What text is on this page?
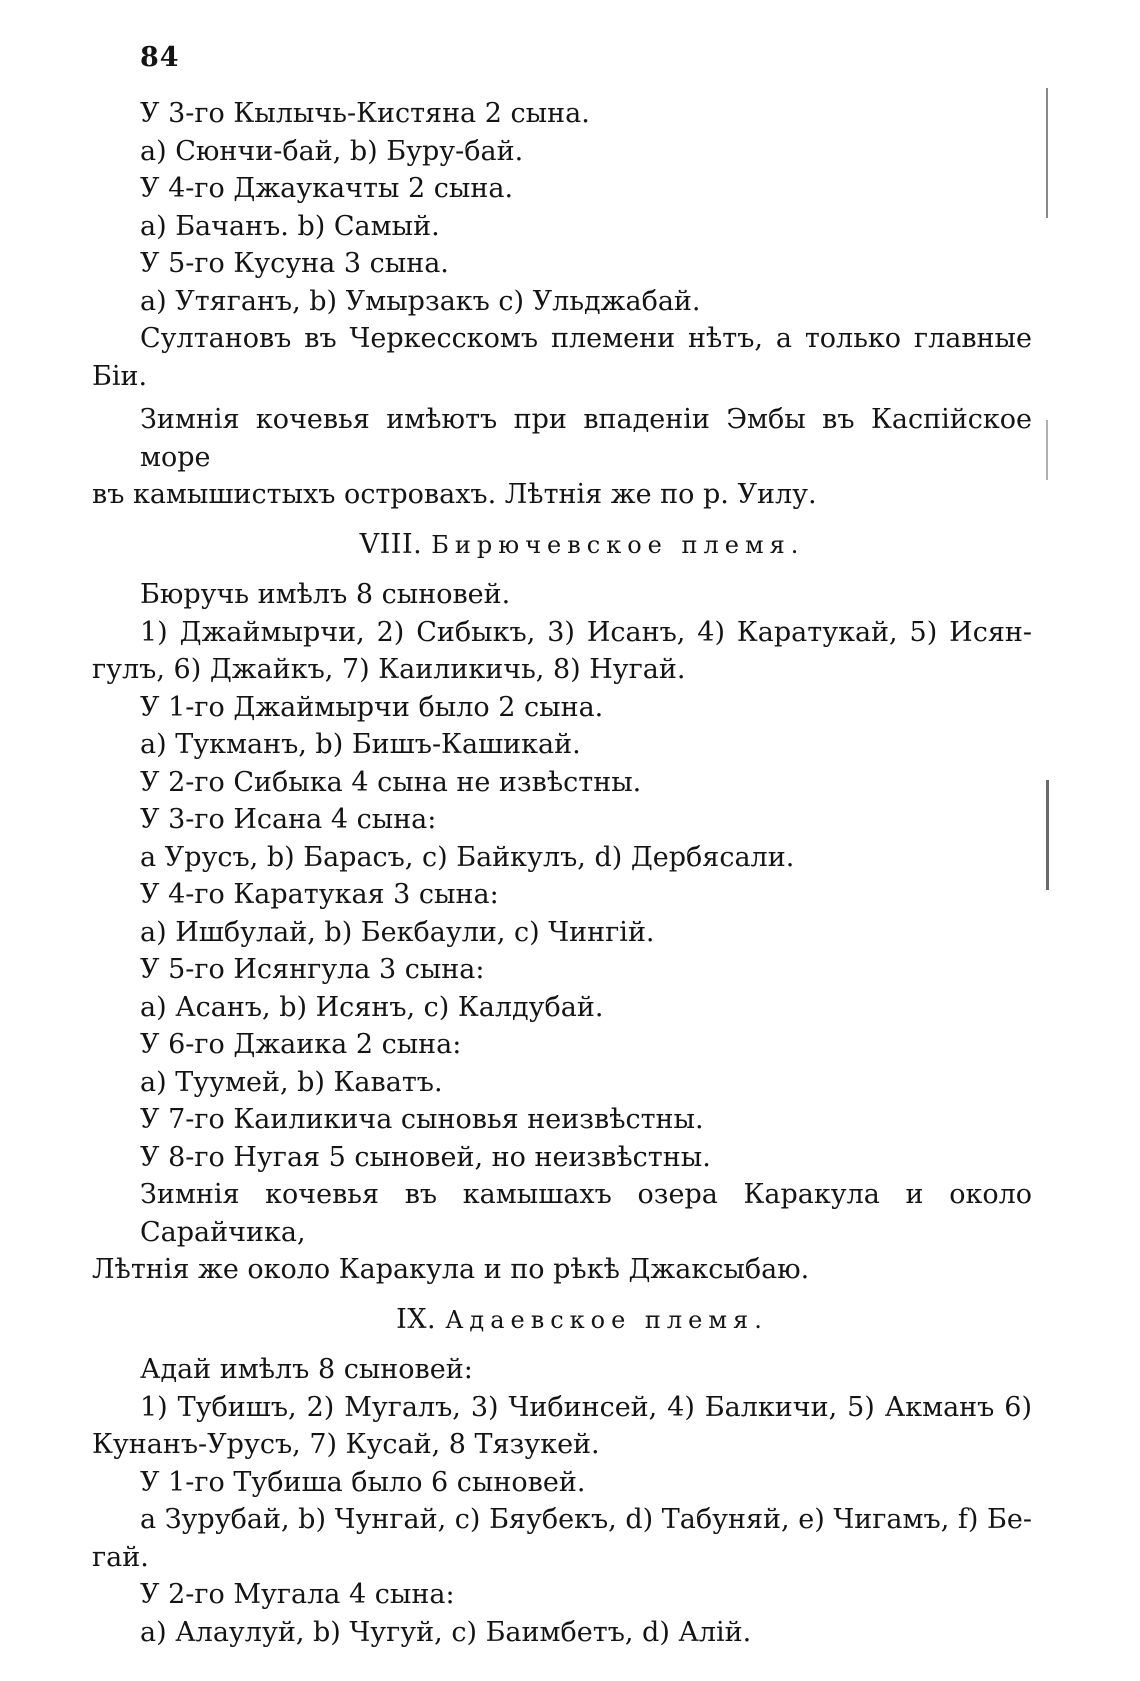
84
У 3-го Кылычь-Кистяна 2 сына.
а) Сюнчи-бай, b) Буру-бай.
У 4-го Джаукачты 2 сына.
а) Бачанъ. b) Самый.
У 5-го Кусуна 3 сына.
а) Утяганъ, b) Умырзакъ с) Ульджабай.
Султановъ въ Черкесскомъ племени нѣтъ, а только главные
Біи.
Зимнія кочевья имѣютъ при впаденіи Эмбы въ Каспійское море
въ камышистыхъ островахъ. Лѣтнія же по р. Уилу.
VIII. Бирючевское племя.
Бюручь имѣлъ 8 сыновей.
1) Джаймырчи, 2) Сибыкъ, 3) Исанъ, 4) Каратукай, 5) Исян-
гулъ, 6) Джайкъ, 7) Каиликичь, 8) Нугай.
У 1-го Джаймырчи было 2 сына.
а) Тукманъ, b) Бишъ-Кашикай.
У 2-го Сибыка 4 сына не извѣстны.
У 3-го Исана 4 сына:
а Урусъ, b) Барасъ, с) Байкулъ, d) Дербясали.
У 4-го Каратукая 3 сына:
а) Ишбулай, b) Бекбаули, с) Чингій.
У 5-го Исянгула 3 сына:
а) Асанъ, b) Исянъ, с) Калдубай.
У 6-го Джаика 2 сына:
а) Туумей, b) Каватъ.
У 7-го Каиликича сыновья неизвѣстны.
У 8-го Нугая 5 сыновей, но неизвѣстны.
Зимнія кочевья въ камышахъ озера Каракула и около Сарайчика,
Лѣтнія же около Каракула и по рѣкѣ Джаксыбаю.
IX. Адаевское племя.
Адай имѣлъ 8 сыновей:
1) Тубишъ, 2) Мугалъ, 3) Чибинсей, 4) Балкичи, 5) Акманъ 6)
Кунанъ-Урусъ, 7) Кусай, 8 Тязукей.
У 1-го Тубиша было 6 сыновей.
а Зурубай, b) Чунгай, с) Бяубекъ, d) Табуняй, е) Чигамъ, f) Бе-
гай.
У 2-го Мугала 4 сына:
а) Алаулуй, b) Чугуй, с) Баимбетъ, d) Алій.
